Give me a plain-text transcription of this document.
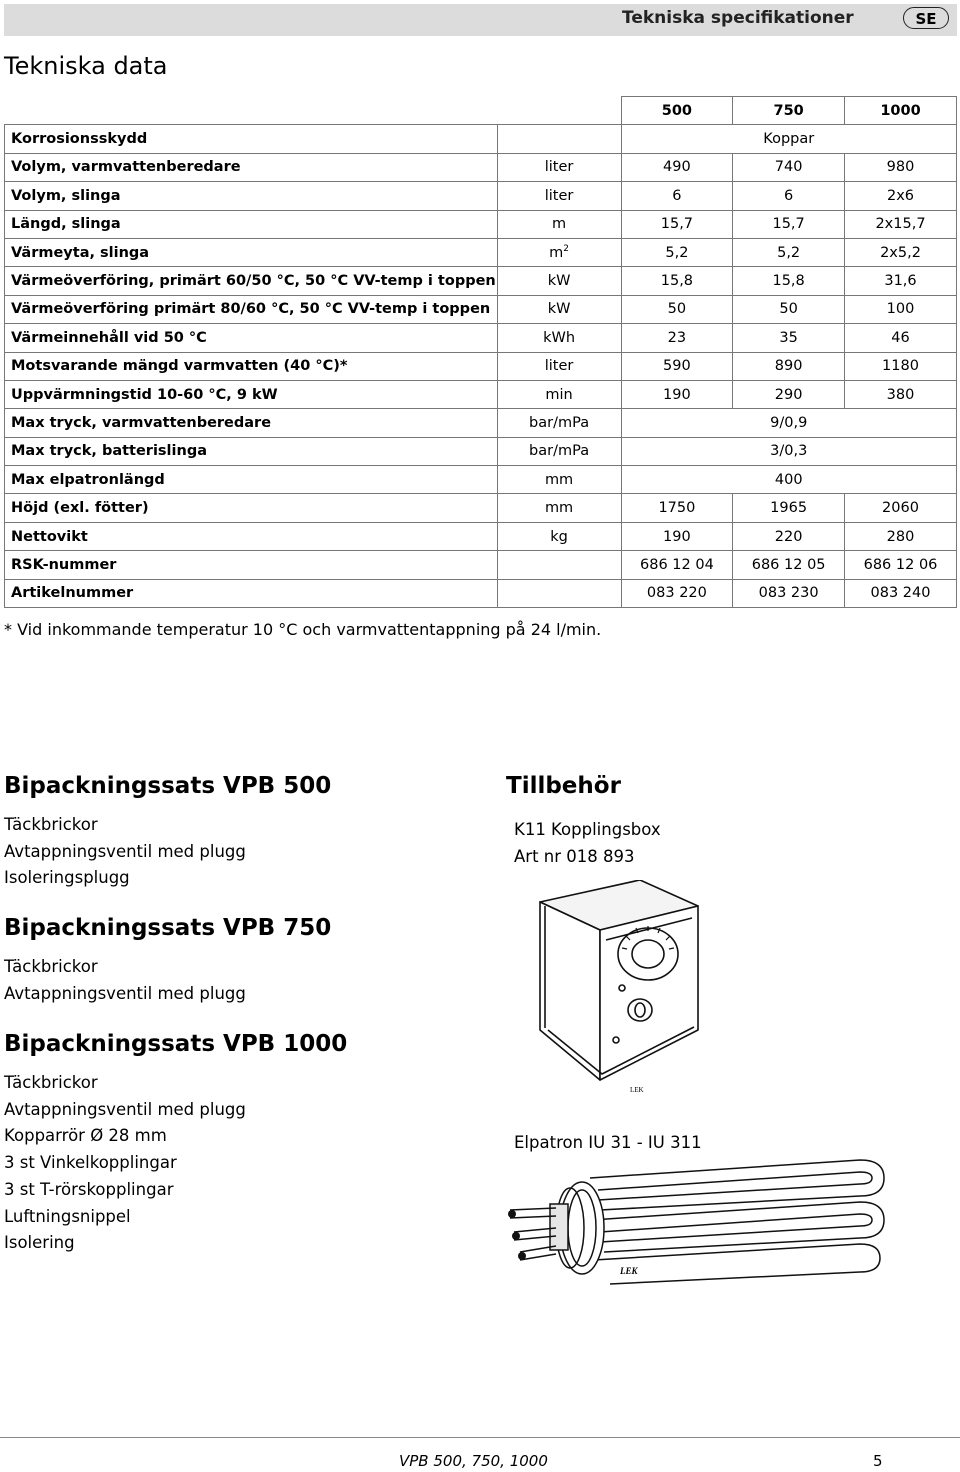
Tekniska specifikationer	SE
Tekniska data
		500	750	1000
Korrosionsskydd		Koppar		
Volym, varmvattenberedare	liter	490	740	980
Volym, slinga	liter	6	6	2x6
Längd, slinga	m	15,7	15,7	2x15,7
Värmeyta, slinga	$m^2$	5,2	5,2	2x5,2
Värmeöverföring, primärt 60/50 °C, 50 °C VV-temp i toppen	kW	15,8	15,8	31,6
Värmeöverföring primärt 80/60 °C, 50 °C VV-temp i toppen	kW	50	50	100
Värmeinnehåll vid 50 °C	kWh	23	35	46
Motsvarande mängd varmvatten (40 °C)*	liter	590	890	1180
Uppvärmningstid 10-60 °C, 9 kW	min	190	290	380
Max tryck, varmvattenberedare	bar/mPa	9/0,9		
Max tryck, batterislinga	bar/mPa	3/0,3		
Max elpatronlängd	mm	400		
Höjd (exl. fötter)	mm	1750	1965	2060
Nettovikt	kg	190	220	280
RSK-nummer		686 12 04	686 12 05	686 12 06
Artikelnummer		083 220	083 230	083 240

* Vid inkommande temperatur 10 °C och varmvattentappning på 24 l/min.

Bipackningssats VPB 500
Täckbrickor
Avtappningsventil med plugg
Isoleringsplugg
Bipackningssats VPB 750
Täckbrickor
Avtappningsventil med plugg
Bipackningssats VPB 1000
Täckbrickor
Avtappningsventil med plugg
Kopparrör Ø 28 mm
3 st Vinkelkopplingar
3 st T-rörskopplingar
Luftningsnippel
Isolering
Tillbehör

K11 Kopplingsbox

Art nr 018 893

LEK

Elpatron IU 31 - IU 311

LEK
VPB 500, 750, 1000	5
